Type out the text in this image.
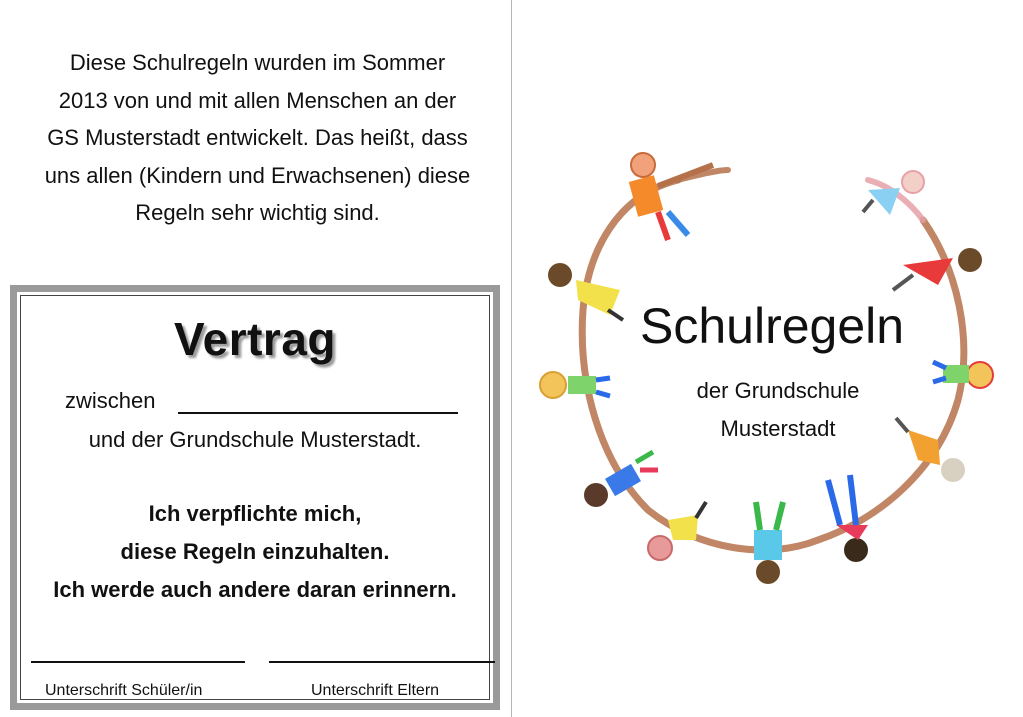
Diese Schulregeln wurden im Sommer
2013 von und mit allen Menschen an der
GS Musterstadt entwickelt. Das heißt, dass
uns allen (Kindern und Erwachsenen) diese
Regeln sehr wichtig sind.
Vertrag
zwischen
und der Grundschule Musterstadt.
Ich verpflichte mich,
diese Regeln einzuhalten.
Ich werde auch andere daran erinnern.
Unterschrift Schüler/in	Unterschrift Eltern
Schulregeln
der Grundschule
Musterstadt
